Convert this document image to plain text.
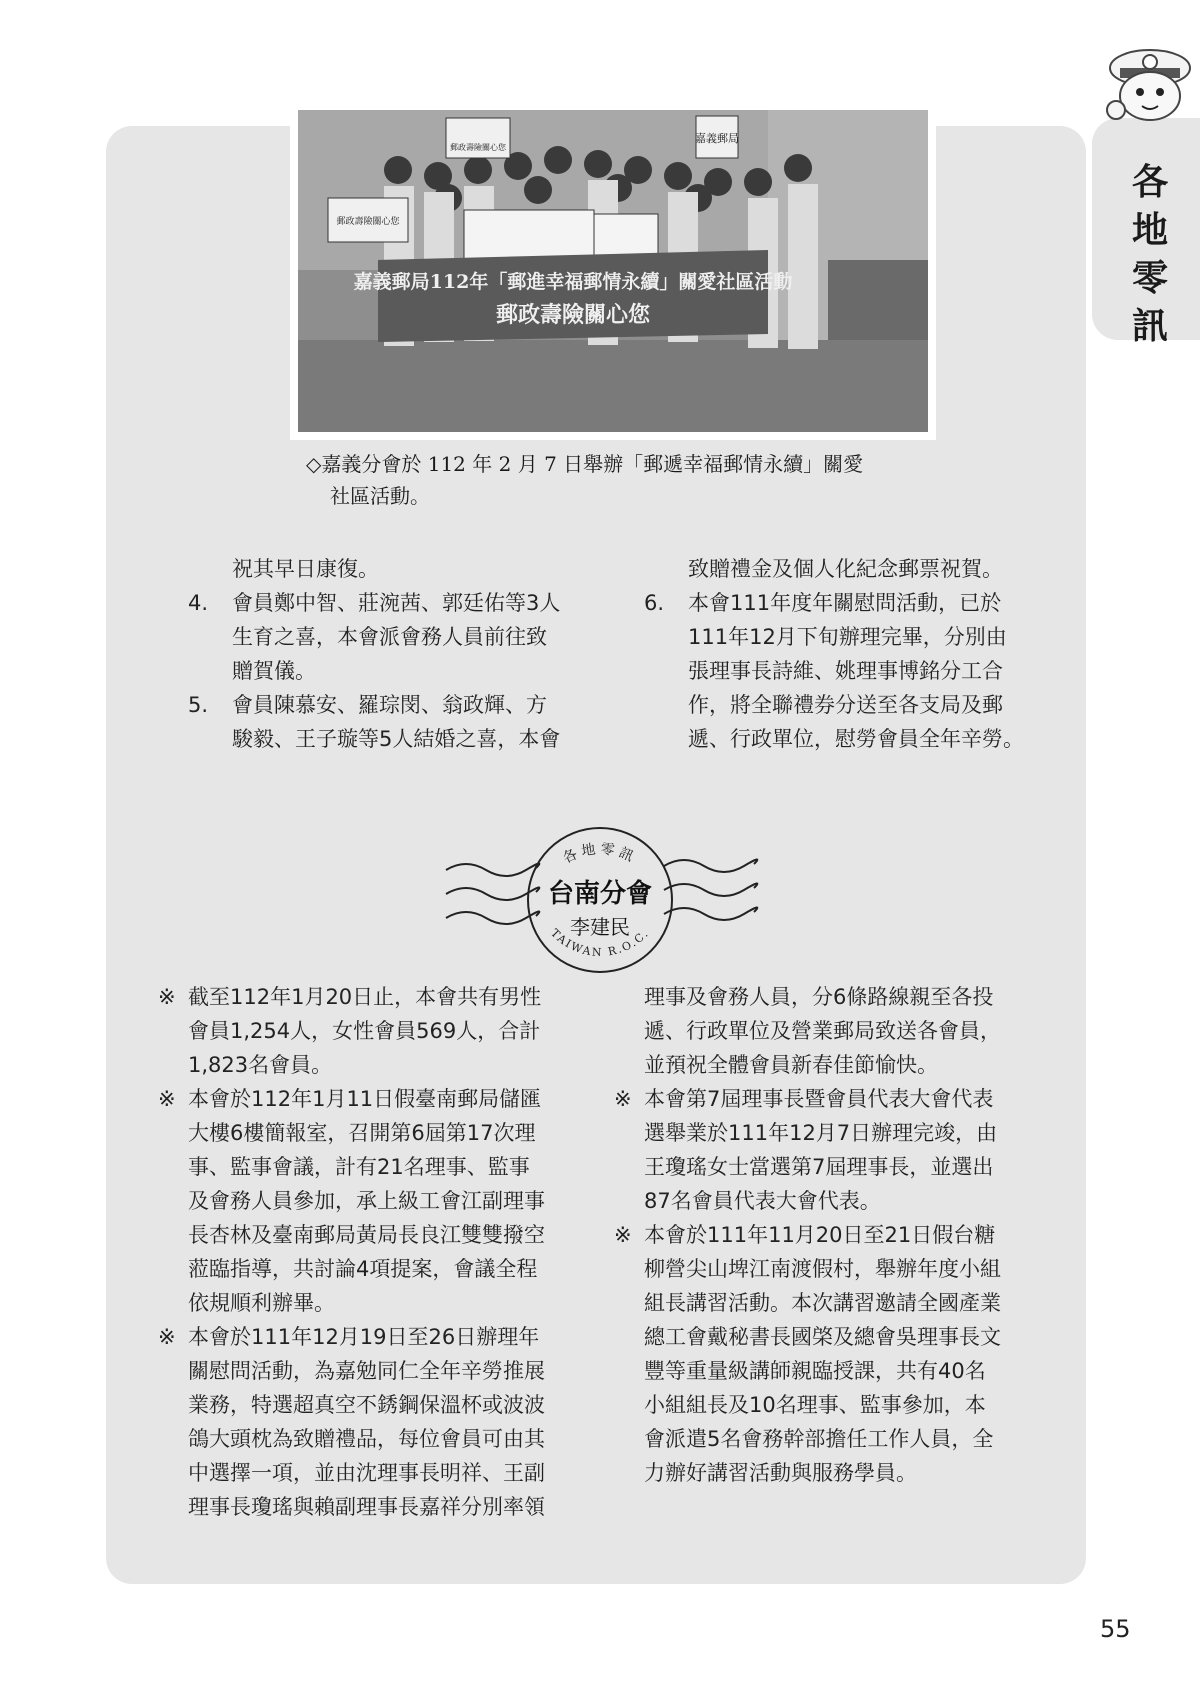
各地零訊
郵政壽險關心您
郵政壽險關心您
嘉義郵局
嘉義郵局112年「郵進幸福郵情永續」關愛社區活動
郵政壽險關心您
◇嘉義分會於 112 年 2 月 7 日舉辦「郵遞幸福郵情永續」關愛
社區活動。

祝其早日康復。

4.	會員鄭中智、莊涴茜、郭廷佑等3人

生育之喜，本會派會務人員前往致

贈賀儀。

5.	會員陳慕安、羅琮閔、翁政輝、方

駿毅、王子璇等5人結婚之喜，本會

致贈禮金及個人化紀念郵票祝賀。

6.	本會111年度年關慰問活動，已於

111年12月下旬辦理完畢，分別由

張理事長詩維、姚理事博銘分工合

作，將全聯禮券分送至各支局及郵

遞、行政單位，慰勞會員全年辛勞。

各地零訊
台南分會
李建民
TAIWAN R.O.C.
※ 截至112年1月20日止，本會共有男性

會員1,254人，女性會員569人，合計

1,823名會員。

※ 本會於112年1月11日假臺南郵局儲匯

大樓6樓簡報室，召開第6屆第17次理

事、監事會議，計有21名理事、監事

及會務人員參加，承上級工會江副理事

長杏林及臺南郵局黃局長良江雙雙撥空

蒞臨指導，共討論4項提案，會議全程

依規順利辦畢。

※ 本會於111年12月19日至26日辦理年

關慰問活動，為嘉勉同仁全年辛勞推展

業務，特選超真空不銹鋼保溫杯或波波

鴿大頭枕為致贈禮品，每位會員可由其

中選擇一項，並由沈理事長明祥、王副

理事長瓊瑤與賴副理事長嘉祥分別率領

理事及會務人員，分6條路線親至各投

遞、行政單位及營業郵局致送各會員，

並預祝全體會員新春佳節愉快。

※ 本會第7屆理事長暨會員代表大會代表

選舉業於111年12月7日辦理完竣，由

王瓊瑤女士當選第7屆理事長，並選出

87名會員代表大會代表。

※ 本會於111年11月20日至21日假台糖

柳營尖山埤江南渡假村，舉辦年度小組

組長講習活動。本次講習邀請全國產業

總工會戴秘書長國棨及總會吳理事長文

豐等重量級講師親臨授課，共有40名

小組組長及10名理事、監事參加，本

會派遣5名會務幹部擔任工作人員，全

力辦好講習活動與服務學員。

55
